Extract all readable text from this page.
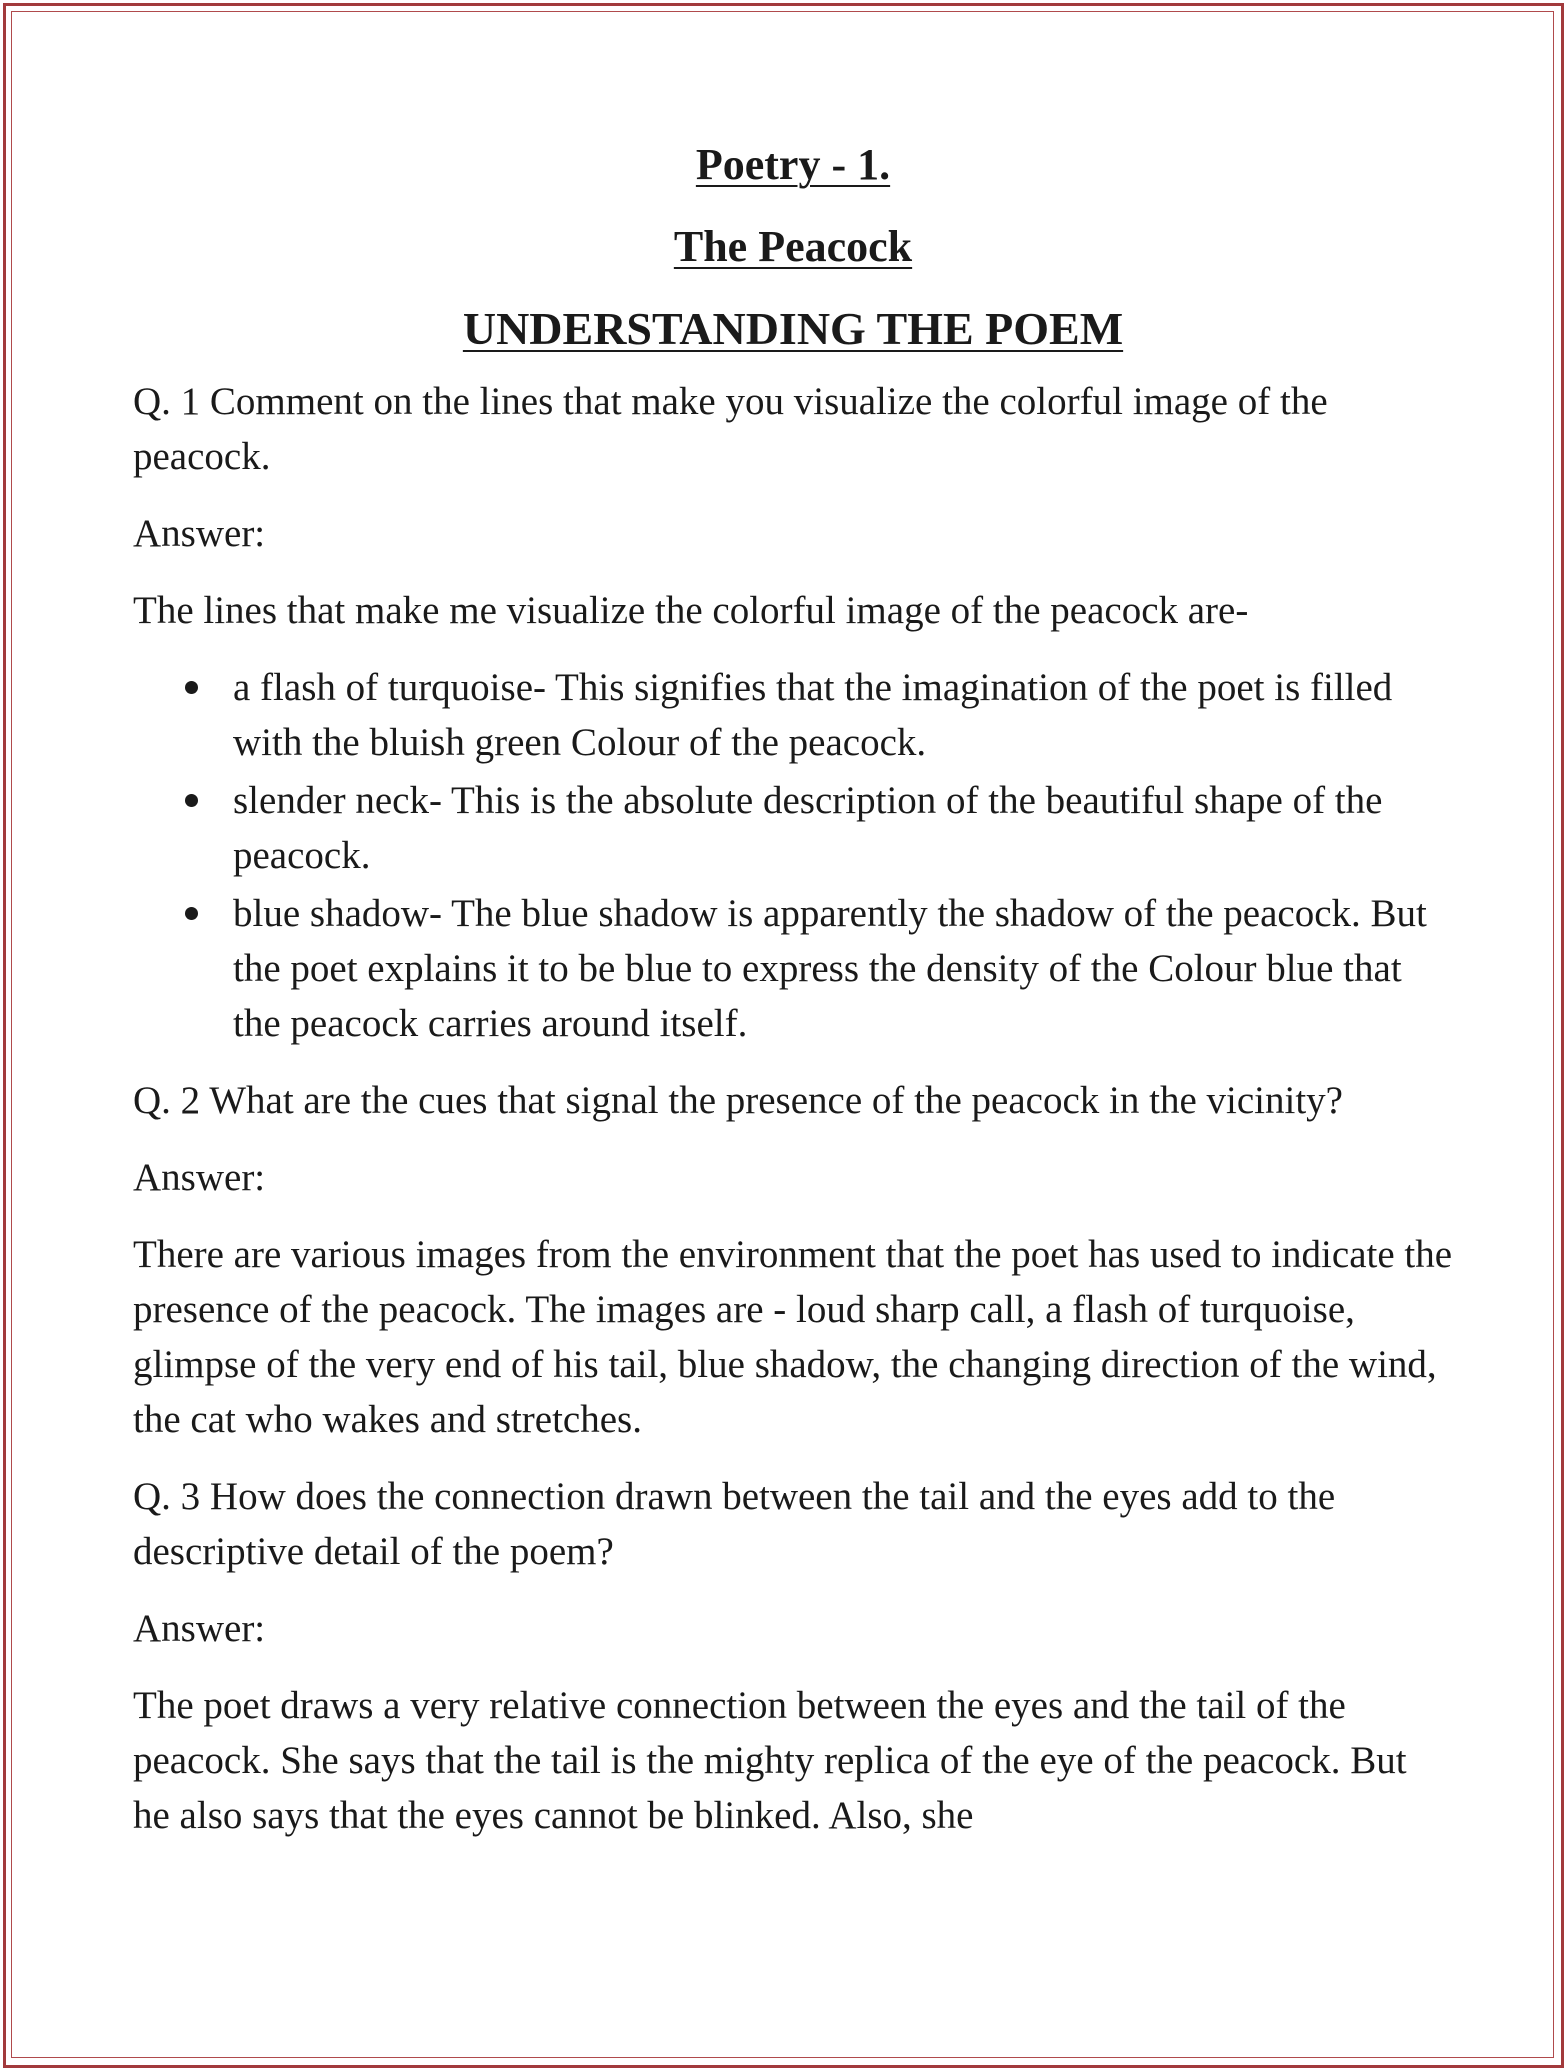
Poetry - 1.
The Peacock
UNDERSTANDING THE POEM

Q. 1 Comment on the lines that make you visualize the colorful image of the peacock.

Answer:

The lines that make me visualize the colorful image of the peacock are-

a flash of turquoise- This signifies that the imagination of the poet is filled with the bluish green Colour of the peacock.
slender neck- This is the absolute description of the beautiful shape of the peacock.
blue shadow- The blue shadow is apparently the shadow of the peacock. But the poet explains it to be blue to express the density of the Colour blue that the peacock carries around itself.

Q. 2 What are the cues that signal the presence of the peacock in the vicinity?

Answer:

There are various images from the environment that the poet has used to indicate the presence of the peacock. The images are - loud sharp call, a flash of turquoise, glimpse of the very end of his tail, blue shadow, the changing direction of the wind, the cat who wakes and stretches.

Q. 3 How does the connection drawn between the tail and the eyes add to the descriptive detail of the poem?

Answer:

The poet draws a very relative connection between the eyes and the tail of the peacock. She says that the tail is the mighty replica of the eye of the peacock. But he also says that the eyes cannot be blinked. Also, she
